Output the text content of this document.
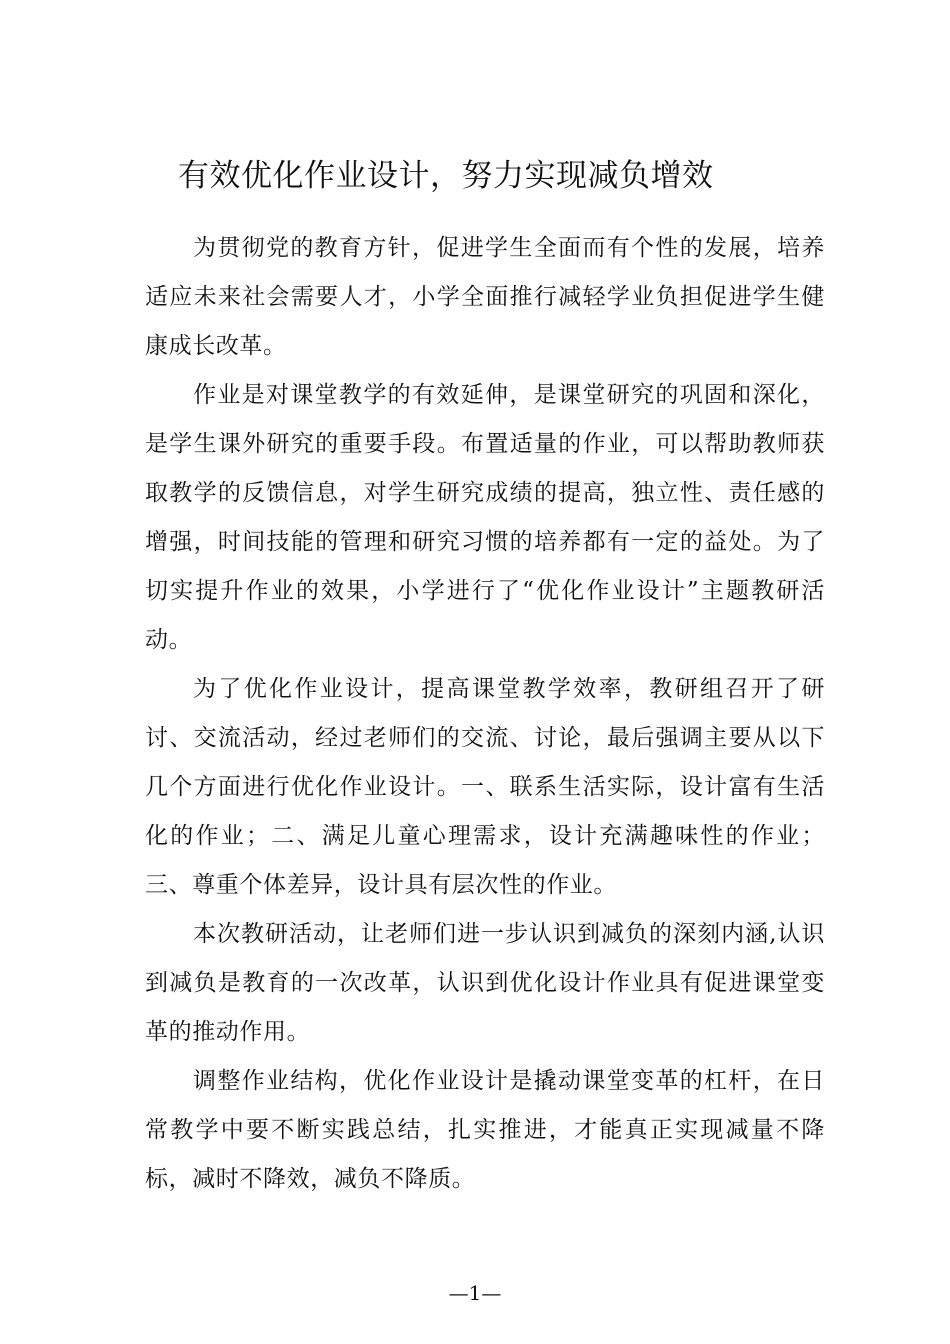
有效优化作业设计，努力实现减负增效

为贯彻党的教育方针，促进学生全面而有个性的发展，培养适应未来社会需要人才，小学全面推行减轻学业负担促进学生健康成长改革。

作业是对课堂教学的有效延伸，是课堂研究的巩固和深化，是学生课外研究的重要手段。布置适量的作业，可以帮助教师获取教学的反馈信息，对学生研究成绩的提高，独立性、责任感的增强，时间技能的管理和研究习惯的培养都有一定的益处。为了切实提升作业的效果，小学进行了“优化作业设计”主题教研活动。

为了优化作业设计，提高课堂教学效率，教研组召开了研讨、交流活动，经过老师们的交流、讨论，最后强调主要从以下几个方面进行优化作业设计。一、联系生活实际，设计富有生活化的作业；二、满足儿童心理需求，设计充满趣味性的作业；三、尊重个体差异，设计具有层次性的作业。

本次教研活动，让老师们进一步认识到减负的深刻内涵,认识到减负是教育的一次改革，认识到优化设计作业具有促进课堂变革的推动作用。

调整作业结构，优化作业设计是撬动课堂变革的杠杆，在日常教学中要不断实践总结，扎实推进，才能真正实现减量不降标，减时不降效，减负不降质。

—1—
